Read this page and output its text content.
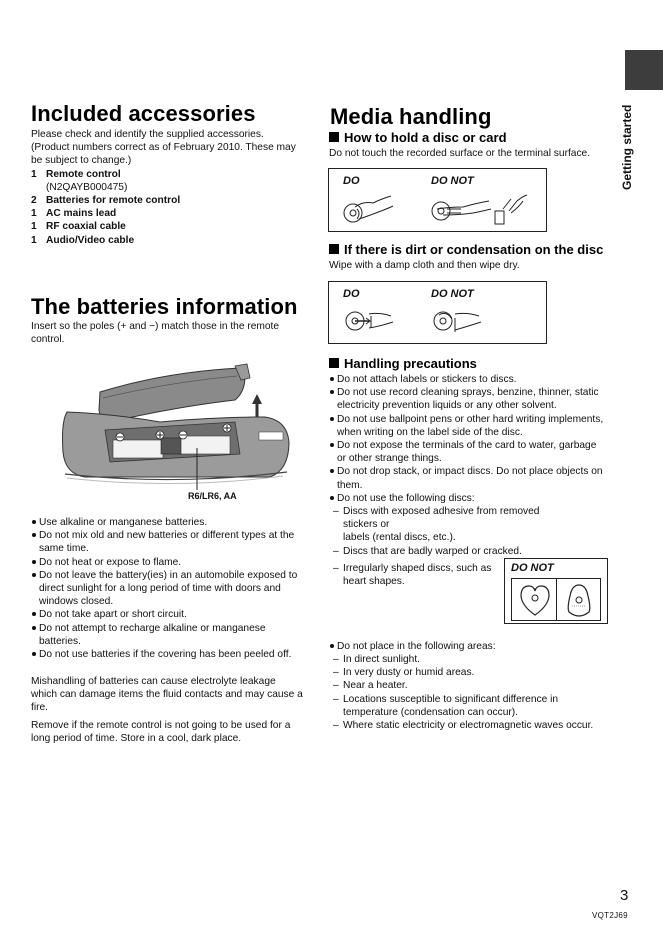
Getting started
Included accessories

Please check and identify the supplied accessories.

(Product numbers correct as of February 2010. These may

be subject to change.)

1 Remote control
(N2QAYB000475)
2 Batteries for remote control
1 AC mains lead
1 RF coaxial cable
1 Audio/Video cable
The batteries information

Insert so the poles (+ and −) match those in the remote

control.

R6/LR6, AA
Use alkaline or manganese batteries.
Do not mix old and new batteries or different types at the
same time.
Do not heat or expose to flame.
Do not leave the battery(ies) in an automobile exposed to
direct sunlight for a long period of time with doors and
windows closed.
Do not take apart or short circuit.
Do not attempt to recharge alkaline or manganese
batteries.
Do not use batteries if the covering has been peeled off.

Mishandling of batteries can cause electrolyte leakage

which can damage items the fluid contacts and may cause a

fire.

Remove if the remote control is not going to be used for a

long period of time. Store in a cool, dark place.

Media handling
How to hold a disc or card

Do not touch the recorded surface or the terminal surface.

DO	DO NOT
If there is dirt or condensation on the disc

Wipe with a damp cloth and then wipe dry.

DO	DO NOT
Handling precautions
Do not attach labels or stickers to discs.
Do not use record cleaning sprays, benzine, thinner, static
electricity prevention liquids or any other solvent.
Do not use ballpoint pens or other hard writing implements,
when writing on the label side of the disc.
Do not expose the terminals of the card to water, garbage
or other strange things.
Do not drop stack, or impact discs. Do not place objects on
them.
Do not use the following discs:
– Discs with exposed adhesive from removed stickers or
labels (rental discs, etc.).
– Discs that are badly warped or cracked.
– Irregularly shaped discs, such as
heart shapes.
DO NOT
Do not place in the following areas:
– In direct sunlight.
– In very dusty or humid areas.
– Near a heater.
– Locations susceptible to significant difference in
temperature (condensation can occur).
– Where static electricity or electromagnetic waves occur.
3
VQT2J69
